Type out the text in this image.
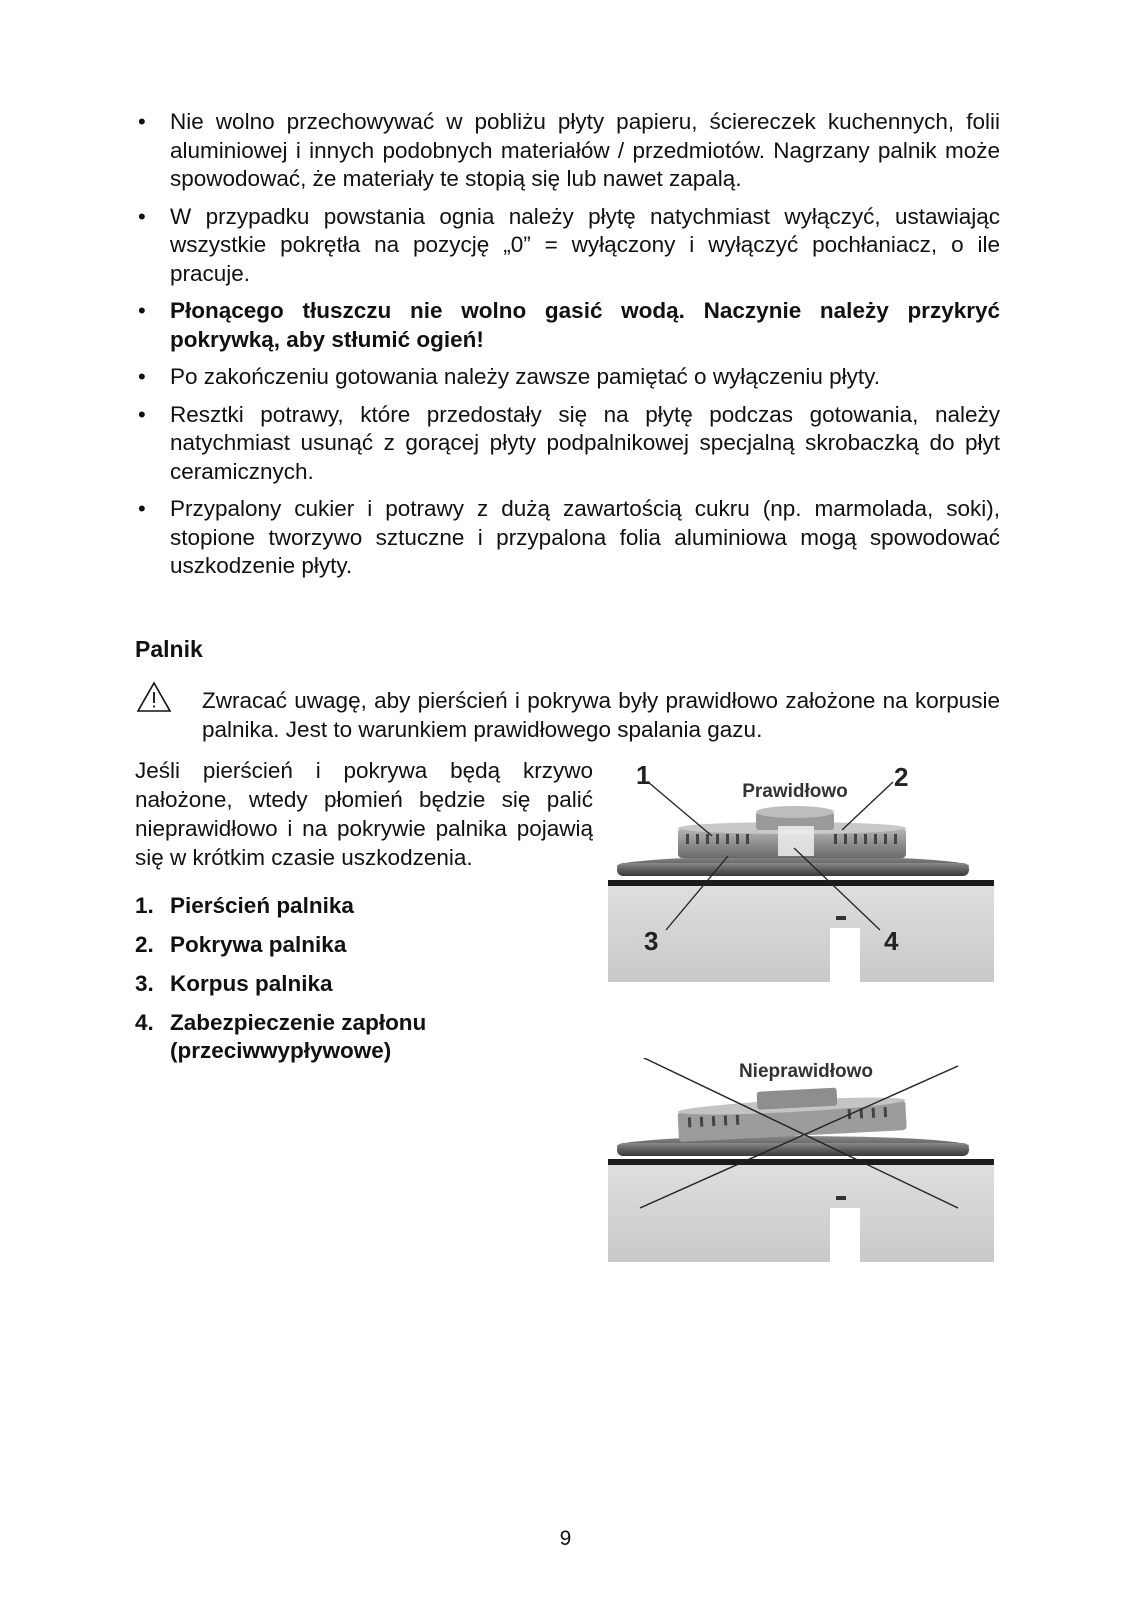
• Nie wolno przechowywać w pobliżu płyty papieru, ściereczek kuchennych, folii aluminiowej i innych podobnych materiałów / przedmiotów. Nagrzany palnik może spowodować, że materiały te stopią się lub nawet zapalą.
• W przypadku powstania ognia należy płytę natychmiast wyłączyć, ustawiając wszystkie pokrętła na pozycję „0” = wyłączony i wyłączyć pochłaniacz, o ile pracuje.
• Płonącego tłuszczu nie wolno gasić wodą. Naczynie należy przykryć pokrywką, aby stłumić ogień!
• Po zakończeniu gotowania należy zawsze pamiętać o wyłączeniu płyty.
• Resztki potrawy, które przedostały się na płytę podczas gotowania, należy natychmiast usunąć z gorącej płyty podpalnikowej specjalną skrobaczką do płyt ceramicznych.
• Przypalony cukier i potrawy z dużą zawartością cukru (np. marmolada, soki), stopione tworzywo sztuczne i przypalona folia aluminiowa mogą spowodować uszkodzenie płyty.
Palnik

Zwracać uwagę, aby pierścień i pokrywa były prawidłowo założone na korpusie palnika. Jest to warunkiem prawidłowego spalania gazu.

Jeśli pierścień i pokrywa będą krzywo nałożone, wtedy płomień będzie się palić nieprawidłowo i na pokrywie palnika pojawią się w krótkim czasie uszkodzenia.

1. Pierścień palnika
2. Pokrywa palnika
3. Korpus palnika
4. Zabezpieczenie zapłonu (przeciwwypływowe)
Prawidłowo
1	2
3	4
Nieprawidłowo
9
